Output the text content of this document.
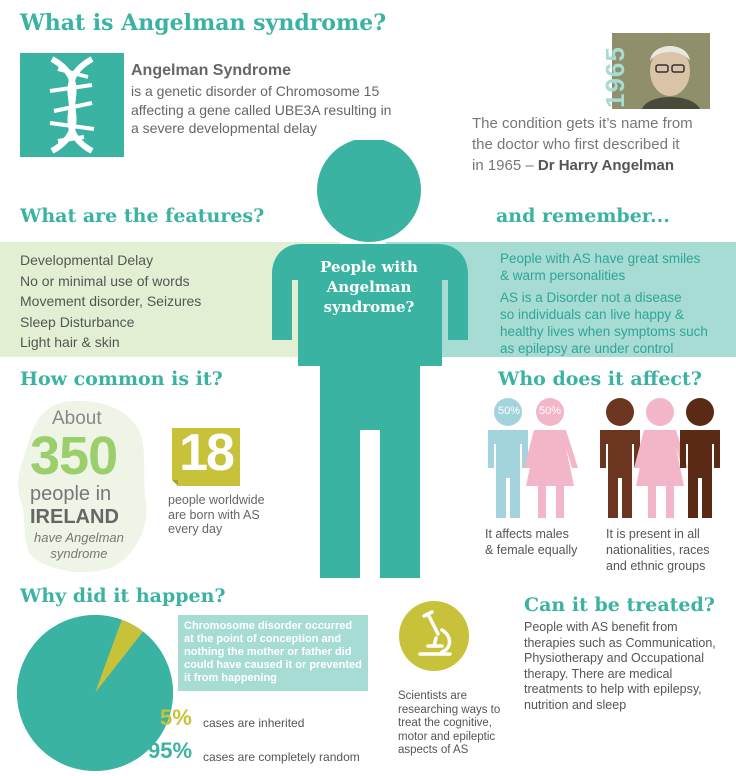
What is Angelman syndrome?
Angelman Syndrome
is a genetic disorder of Chromosome 15
affecting a gene called UBE3A resulting in
a severe developmental delay
1965
The condition gets it’s name from
the doctor who first described it
in 1965 – Dr Harry Angelman
What are the features?	and remember...
Developmental Delay
No or minimal use of words
Movement disorder, Seizures
Sleep Disturbance
Light hair & skin
People with AS have great smiles
& warm personalities
AS is a Disorder not a disease
so individuals can live happy &
healthy lives when symptoms such
as epilepsy are under control
People with
Angelman
syndrome?
How common is it?
About
350
people in
IRELAND
have Angelman
syndrome
18
people worldwide
are born with AS
every day
Who does it affect?
50% 50%
It affects males
& female equally
It is present in all
nationalities, races
and ethnic groups
Why did it happen?
Chromosome disorder occurred
at the point of conception and
nothing the mother or father did
could have caused it or prevented
it from happening
5% cases are inherited
95% cases are completely random
Scientists are
researching ways to
treat the cognitive,
motor and epileptic
aspects of AS
Can it be treated?
People with AS benefit from
therapies such as Communication,
Physiotherapy and Occupational
therapy. There are medical
treatments to help with epilepsy,
nutrition and sleep
